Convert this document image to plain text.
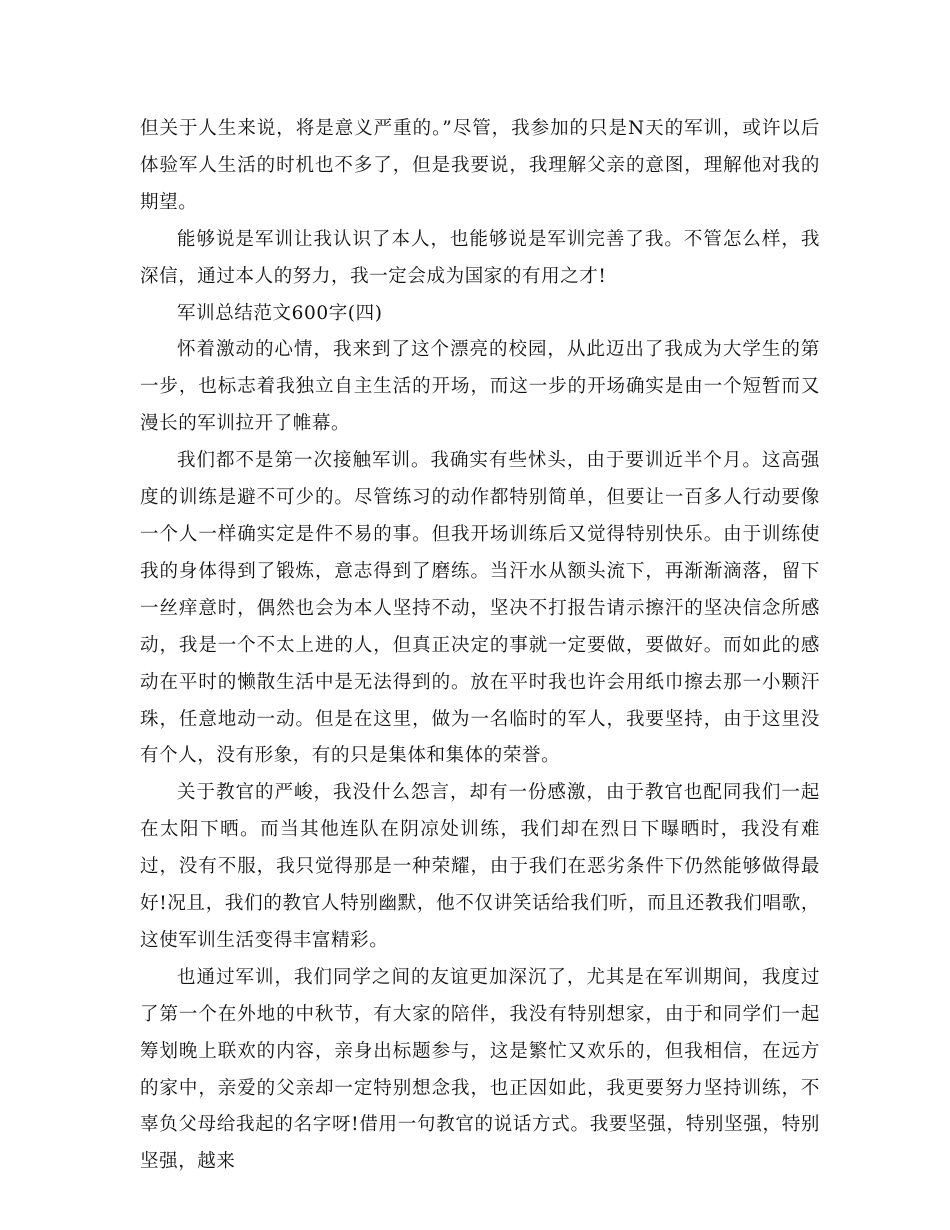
但关于人生来说，将是意义严重的。”尽管，我参加的只是N天的军训，或许以后体验军人生活的时机也不多了，但是我要说，我理解父亲的意图，理解他对我的期望。

能够说是军训让我认识了本人，也能够说是军训完善了我。不管怎么样，我深信，通过本人的努力，我一定会成为国家的有用之才!

军训总结范文600字(四)

怀着激动的心情，我来到了这个漂亮的校园，从此迈出了我成为大学生的第一步，也标志着我独立自主生活的开场，而这一步的开场确实是由一个短暂而又漫长的军训拉开了帷幕。

我们都不是第一次接触军训。我确实有些怵头，由于要训近半个月。这高强度的训练是避不可少的。尽管练习的动作都特别简单，但要让一百多人行动要像一个人一样确实定是件不易的事。但我开场训练后又觉得特别快乐。由于训练使我的身体得到了锻炼，意志得到了磨练。当汗水从额头流下，再渐渐滴落，留下一丝痒意时，偶然也会为本人坚持不动，坚决不打报告请示擦汗的坚决信念所感动，我是一个不太上进的人，但真正决定的事就一定要做，要做好。而如此的感动在平时的懒散生活中是无法得到的。放在平时我也许会用纸巾擦去那一小颗汗珠，任意地动一动。但是在这里，做为一名临时的军人，我要坚持，由于这里没有个人，没有形象，有的只是集体和集体的荣誉。

关于教官的严峻，我没什么怨言，却有一份感激，由于教官也配同我们一起在太阳下晒。而当其他连队在阴凉处训练，我们却在烈日下曝晒时，我没有难过，没有不服，我只觉得那是一种荣耀，由于我们在恶劣条件下仍然能够做得最好!况且，我们的教官人特别幽默，他不仅讲笑话给我们听，而且还教我们唱歌，这使军训生活变得丰富精彩。

也通过军训，我们同学之间的友谊更加深沉了，尤其是在军训期间，我度过了第一个在外地的中秋节，有大家的陪伴，我没有特别想家，由于和同学们一起筹划晚上联欢的内容，亲身出标题参与，这是繁忙又欢乐的，但我相信，在远方的家中，亲爱的父亲却一定特别想念我，也正因如此，我更要努力坚持训练，不辜负父母给我起的名字呀!借用一句教官的说话方式。我要坚强，特别坚强，特别坚强，越来
